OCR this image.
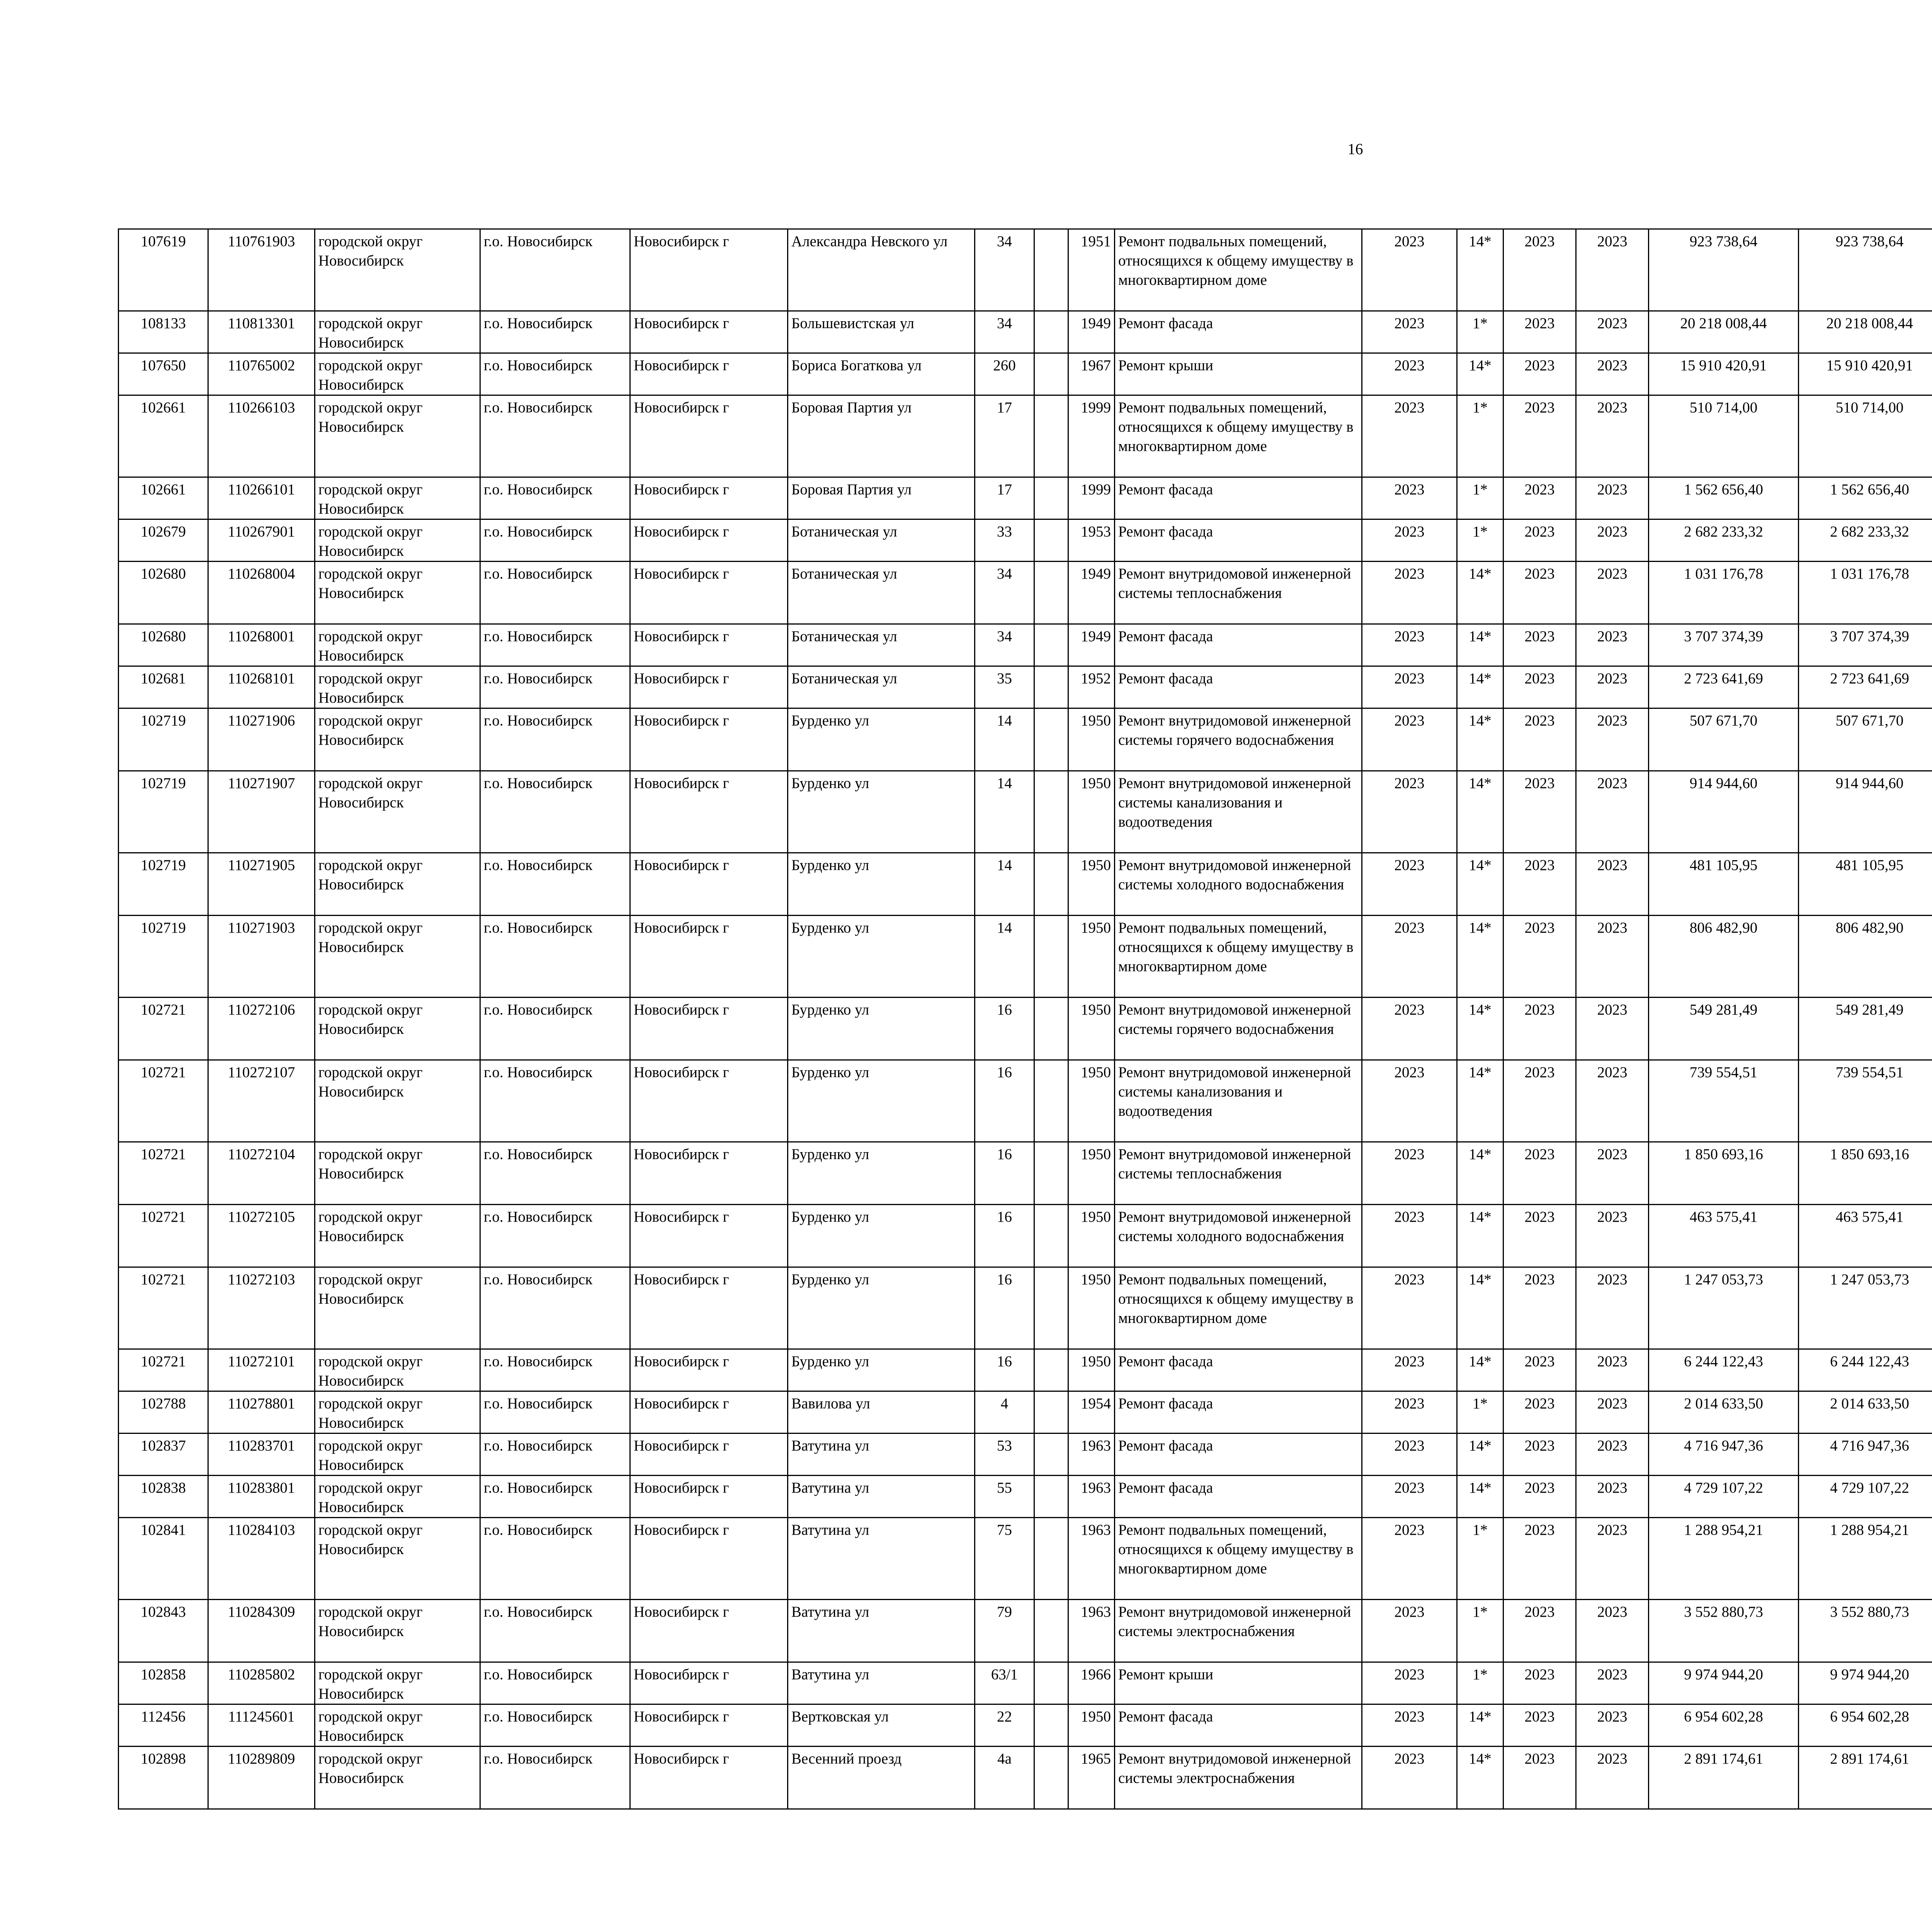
16
107619	110761903	городской округ Новосибирск	г.о. Новосибирск	Новосибирск г	Александра Невского ул	34		1951	Ремонт подвальных помещений, относящихся к общему имуществу в многоквартирном доме	2023	14*	2023	2023	923 738,64	923 738,64						
108133	110813301	городской округ Новосибирск	г.о. Новосибирск	Новосибирск г	Большевистская ул	34		1949	Ремонт фасада	2023	1*	2023	2023	20 218 008,44	20 218 008,44						
107650	110765002	городской округ Новосибирск	г.о. Новосибирск	Новосибирск г	Бориса Богаткова ул	260		1967	Ремонт крыши	2023	14*	2023	2023	15 910 420,91	15 910 420,91						
102661	110266103	городской округ Новосибирск	г.о. Новосибирск	Новосибирск г	Боровая Партия ул	17		1999	Ремонт подвальных помещений, относящихся к общему имуществу в многоквартирном доме	2023	1*	2023	2023	510 714,00	510 714,00						
102661	110266101	городской округ Новосибирск	г.о. Новосибирск	Новосибирск г	Боровая Партия ул	17		1999	Ремонт фасада	2023	1*	2023	2023	1 562 656,40	1 562 656,40						
102679	110267901	городской округ Новосибирск	г.о. Новосибирск	Новосибирск г	Ботаническая ул	33		1953	Ремонт фасада	2023	1*	2023	2023	2 682 233,32	2 682 233,32						
102680	110268004	городской округ Новосибирск	г.о. Новосибирск	Новосибирск г	Ботаническая ул	34		1949	Ремонт внутридомовой инженерной системы теплоснабжения	2023	14*	2023	2023	1 031 176,78	1 031 176,78						
102680	110268001	городской округ Новосибирск	г.о. Новосибирск	Новосибирск г	Ботаническая ул	34		1949	Ремонт фасада	2023	14*	2023	2023	3 707 374,39	3 707 374,39						
102681	110268101	городской округ Новосибирск	г.о. Новосибирск	Новосибирск г	Ботаническая ул	35		1952	Ремонт фасада	2023	14*	2023	2023	2 723 641,69	2 723 641,69						
102719	110271906	городской округ Новосибирск	г.о. Новосибирск	Новосибирск г	Бурденко ул	14		1950	Ремонт внутридомовой инженерной системы горячего водоснабжения	2023	14*	2023	2023	507 671,70	507 671,70						
102719	110271907	городской округ Новосибирск	г.о. Новосибирск	Новосибирск г	Бурденко ул	14		1950	Ремонт внутридомовой инженерной системы канализования и водоотведения	2023	14*	2023	2023	914 944,60	914 944,60						
102719	110271905	городской округ Новосибирск	г.о. Новосибирск	Новосибирск г	Бурденко ул	14		1950	Ремонт внутридомовой инженерной системы холодного водоснабжения	2023	14*	2023	2023	481 105,95	481 105,95						
102719	110271903	городской округ Новосибирск	г.о. Новосибирск	Новосибирск г	Бурденко ул	14		1950	Ремонт подвальных помещений, относящихся к общему имуществу в многоквартирном доме	2023	14*	2023	2023	806 482,90	806 482,90						
102721	110272106	городской округ Новосибирск	г.о. Новосибирск	Новосибирск г	Бурденко ул	16		1950	Ремонт внутридомовой инженерной системы горячего водоснабжения	2023	14*	2023	2023	549 281,49	549 281,49						
102721	110272107	городской округ Новосибирск	г.о. Новосибирск	Новосибирск г	Бурденко ул	16		1950	Ремонт внутридомовой инженерной системы канализования и водоотведения	2023	14*	2023	2023	739 554,51	739 554,51						
102721	110272104	городской округ Новосибирск	г.о. Новосибирск	Новосибирск г	Бурденко ул	16		1950	Ремонт внутридомовой инженерной системы теплоснабжения	2023	14*	2023	2023	1 850 693,16	1 850 693,16						
102721	110272105	городской округ Новосибирск	г.о. Новосибирск	Новосибирск г	Бурденко ул	16		1950	Ремонт внутридомовой инженерной системы холодного водоснабжения	2023	14*	2023	2023	463 575,41	463 575,41						
102721	110272103	городской округ Новосибирск	г.о. Новосибирск	Новосибирск г	Бурденко ул	16		1950	Ремонт подвальных помещений, относящихся к общему имуществу в многоквартирном доме	2023	14*	2023	2023	1 247 053,73	1 247 053,73						
102721	110272101	городской округ Новосибирск	г.о. Новосибирск	Новосибирск г	Бурденко ул	16		1950	Ремонт фасада	2023	14*	2023	2023	6 244 122,43	6 244 122,43						
102788	110278801	городской округ Новосибирск	г.о. Новосибирск	Новосибирск г	Вавилова ул	4		1954	Ремонт фасада	2023	1*	2023	2023	2 014 633,50	2 014 633,50						
102837	110283701	городской округ Новосибирск	г.о. Новосибирск	Новосибирск г	Ватутина ул	53		1963	Ремонт фасада	2023	14*	2023	2023	4 716 947,36	4 716 947,36						
102838	110283801	городской округ Новосибирск	г.о. Новосибирск	Новосибирск г	Ватутина ул	55		1963	Ремонт фасада	2023	14*	2023	2023	4 729 107,22	4 729 107,22						
102841	110284103	городской округ Новосибирск	г.о. Новосибирск	Новосибирск г	Ватутина ул	75		1963	Ремонт подвальных помещений, относящихся к общему имуществу в многоквартирном доме	2023	1*	2023	2023	1 288 954,21	1 288 954,21						
102843	110284309	городской округ Новосибирск	г.о. Новосибирск	Новосибирск г	Ватутина ул	79		1963	Ремонт внутридомовой инженерной системы электроснабжения	2023	1*	2023	2023	3 552 880,73	3 552 880,73						
102858	110285802	городской округ Новосибирск	г.о. Новосибирск	Новосибирск г	Ватутина ул	63/1		1966	Ремонт крыши	2023	1*	2023	2023	9 974 944,20	9 974 944,20						
112456	111245601	городской округ Новосибирск	г.о. Новосибирск	Новосибирск г	Вертковская ул	22		1950	Ремонт фасада	2023	14*	2023	2023	6 954 602,28	6 954 602,28						
102898	110289809	городской округ Новосибирск	г.о. Новосибирск	Новосибирск г	Весенний проезд	4а		1965	Ремонт внутридомовой инженерной системы электроснабжения	2023	14*	2023	2023	2 891 174,61	2 891 174,61						
